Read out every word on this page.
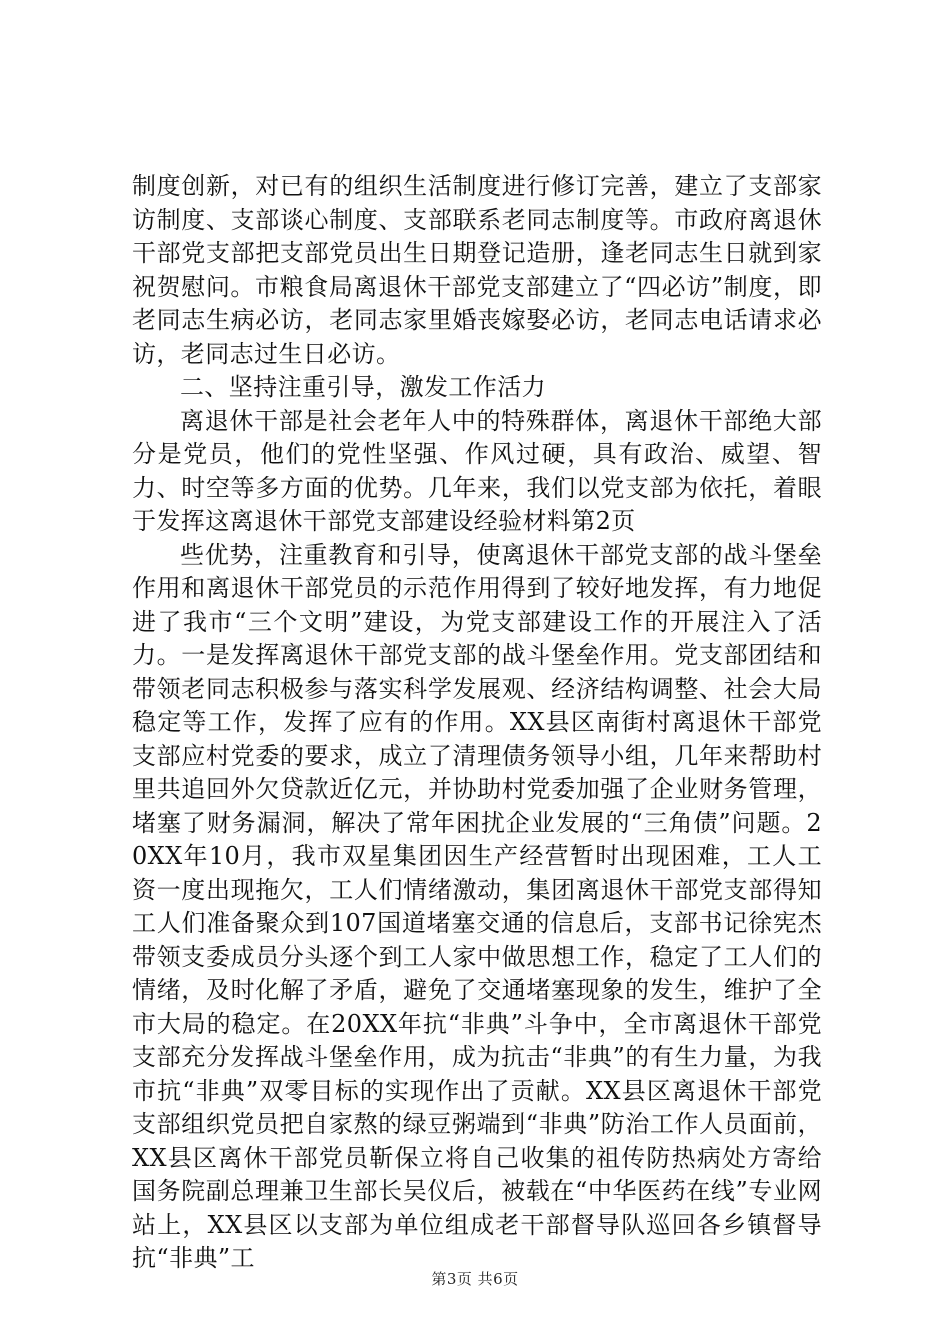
制度创新，对已有的组织生活制度进行修订完善，建立了支部家访制度、支部谈心制度、支部联系老同志制度等。市政府离退休干部党支部把支部党员出生日期登记造册，逢老同志生日就到家祝贺慰问。市粮食局离退休干部党支部建立了“四必访”制度，即老同志生病必访，老同志家里婚丧嫁娶必访，老同志电话请求必访，老同志过生日必访。

二、坚持注重引导，激发工作活力

离退休干部是社会老年人中的特殊群体，离退休干部绝大部分是党员，他们的党性坚强、作风过硬，具有政治、威望、智力、时空等多方面的优势。几年来，我们以党支部为依托，着眼于发挥这离退休干部党支部建设经验材料第2页

些优势，注重教育和引导，使离退休干部党支部的战斗堡垒作用和离退休干部党员的示范作用得到了较好地发挥，有力地促进了我市“三个文明”建设，为党支部建设工作的开展注入了活力。一是发挥离退休干部党支部的战斗堡垒作用。党支部团结和带领老同志积极参与落实科学发展观、经济结构调整、社会大局稳定等工作，发挥了应有的作用。XX县区南街村离退休干部党支部应村党委的要求，成立了清理债务领导小组，几年来帮助村里共追回外欠贷款近亿元，并协助村党委加强了企业财务管理，堵塞了财务漏洞，解决了常年困扰企业发展的“三角债”问题。20XX年10月，我市双星集团因生产经营暂时出现困难，工人工资一度出现拖欠，工人们情绪激动，集团离退休干部党支部得知工人们准备聚众到107国道堵塞交通的信息后，支部书记徐宪杰带领支委成员分头逐个到工人家中做思想工作，稳定了工人们的情绪，及时化解了矛盾，避免了交通堵塞现象的发生，维护了全市大局的稳定。在20XX年抗“非典”斗争中，全市离退休干部党支部充分发挥战斗堡垒作用，成为抗击“非典”的有生力量，为我市抗“非典”双零目标的实现作出了贡献。XX县区离退休干部党支部组织党员把自家熬的绿豆粥端到“非典”防治工作人员面前，XX县区离休干部党员靳保立将自己收集的祖传防热病处方寄给国务院副总理兼卫生部长吴仪后，被载在“中华医药在线”专业网站上，XX县区以支部为单位组成老干部督导队巡回各乡镇督导抗“非典”工

第3页 共6页
